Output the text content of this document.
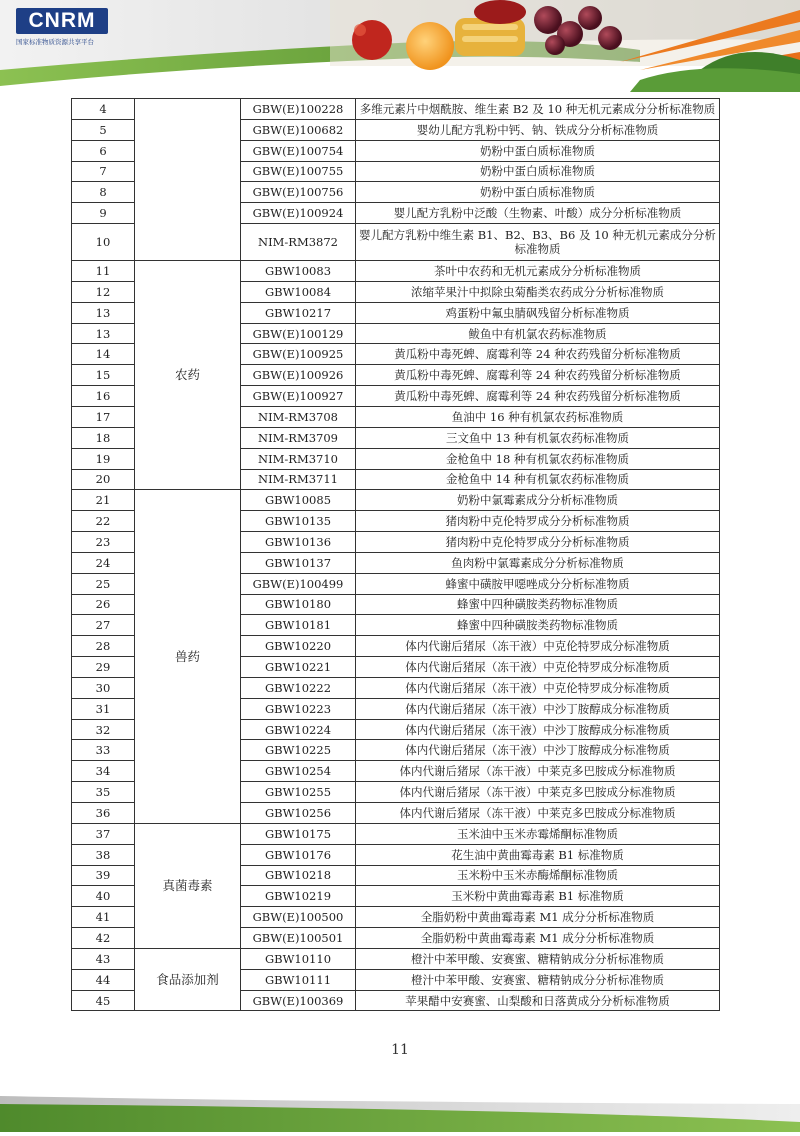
CNRM
国家标准物质资源共享平台
4		GBW(E)100228	多维元素片中烟酰胺、维生素 B2 及 10 种无机元素成分分析标准物质
5		GBW(E)100682	婴幼儿配方乳粉中钙、钠、铁成分分析标准物质
6		GBW(E)100754	奶粉中蛋白质标准物质
7		GBW(E)100755	奶粉中蛋白质标准物质
8		GBW(E)100756	奶粉中蛋白质标准物质
9		GBW(E)100924	婴儿配方乳粉中泛酸（生物素、叶酸）成分分析标准物质
10		NIM-RM3872	婴儿配方乳粉中维生素 B1、B2、B3、B6 及 10 种无机元素成分分析标准物质
11	农药	GBW10083	茶叶中农药和无机元素成分分析标准物质
12		GBW10084	浓缩苹果汁中拟除虫菊酯类农药成分分析标准物质
13		GBW10217	鸡蛋粉中氟虫腈砜残留分析标准物质
13		GBW(E)100129	鲅鱼中有机氯农药标准物质
14		GBW(E)100925	黄瓜粉中毒死蜱、腐霉利等 24 种农药残留分析标准物质
15		GBW(E)100926	黄瓜粉中毒死蜱、腐霉利等 24 种农药残留分析标准物质
16		GBW(E)100927	黄瓜粉中毒死蜱、腐霉利等 24 种农药残留分析标准物质
17		NIM-RM3708	鱼油中 16 种有机氯农药标准物质
18		NIM-RM3709	三文鱼中 13 种有机氯农药标准物质
19		NIM-RM3710	金枪鱼中 18 种有机氯农药标准物质
20		NIM-RM3711	金枪鱼中 14 种有机氯农药标准物质
21	兽药	GBW10085	奶粉中氯霉素成分分析标准物质
22		GBW10135	猪肉粉中克伦特罗成分分析标准物质
23		GBW10136	猪肉粉中克伦特罗成分分析标准物质
24		GBW10137	鱼肉粉中氯霉素成分分析标准物质
25		GBW(E)100499	蜂蜜中磺胺甲噁唑成分分析标准物质
26		GBW10180	蜂蜜中四种磺胺类药物标准物质
27		GBW10181	蜂蜜中四种磺胺类药物标准物质
28		GBW10220	体内代谢后猪尿（冻干液）中克伦特罗成分标准物质
29		GBW10221	体内代谢后猪尿（冻干液）中克伦特罗成分标准物质
30		GBW10222	体内代谢后猪尿（冻干液）中克伦特罗成分标准物质
31		GBW10223	体内代谢后猪尿（冻干液）中沙丁胺醇成分标准物质
32		GBW10224	体内代谢后猪尿（冻干液）中沙丁胺醇成分标准物质
33		GBW10225	体内代谢后猪尿（冻干液）中沙丁胺醇成分标准物质
34		GBW10254	体内代谢后猪尿（冻干液）中莱克多巴胺成分标准物质
35		GBW10255	体内代谢后猪尿（冻干液）中莱克多巴胺成分标准物质
36		GBW10256	体内代谢后猪尿（冻干液）中莱克多巴胺成分标准物质
37	真菌毒素	GBW10175	玉米油中玉米赤霉烯酮标准物质
38		GBW10176	花生油中黄曲霉毒素 B1 标准物质
39		GBW10218	玉米粉中玉米赤酶烯酮标准物质
40		GBW10219	玉米粉中黄曲霉毒素 B1 标准物质
41		GBW(E)100500	全脂奶粉中黄曲霉毒素 M1 成分分析标准物质
42		GBW(E)100501	全脂奶粉中黄曲霉毒素 M1 成分分析标准物质
43	食品添加剂	GBW10110	橙汁中苯甲酸、安赛蜜、糖精钠成分分析标准物质
44		GBW10111	橙汁中苯甲酸、安赛蜜、糖精钠成分分析标准物质
45		GBW(E)100369	苹果醋中安赛蜜、山梨酸和日落黄成分分析标准物质
11
